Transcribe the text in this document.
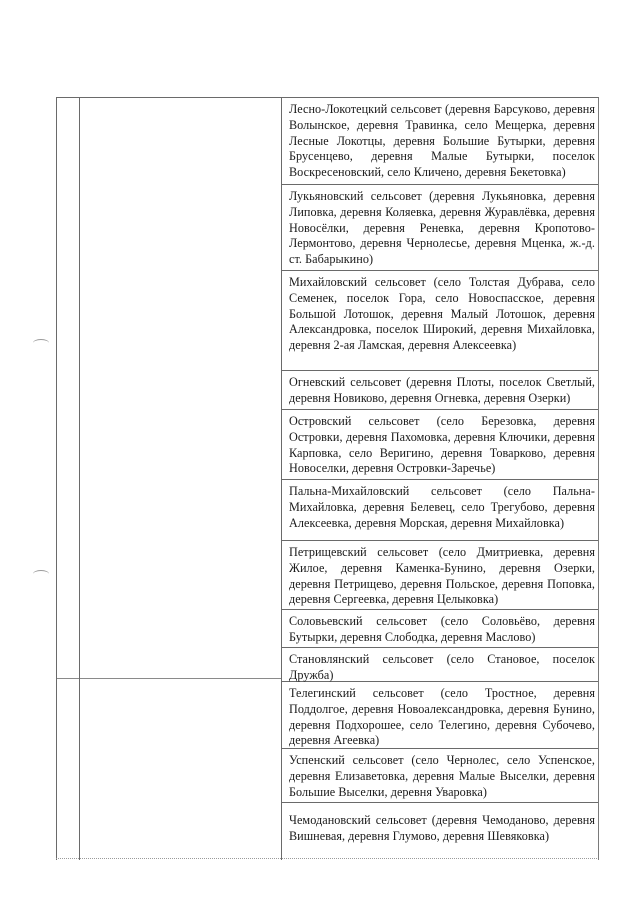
Лесно-Локотецкий сельсовет (деревня Барсуково, деревня Волынское, деревня Травинка, село Мещерка, деревня Лесные Локотцы, деревня Большие Бутырки, деревня Брусенцево, деревня Малые Бутырки, поселок Воскресеновский, село Кличено, деревня Бекетовка)

Лукьяновский сельсовет (деревня Лукьяновка, деревня Липовка, деревня Коляевка, деревня Журавлёвка, деревня Новосёлки, деревня Реневка, деревня Кропотово-Лермонтово, деревня Чернолесье, деревня Мценка, ж.-д. ст. Бабарыкино)

Михайловский сельсовет (село Толстая Дубрава, село Семенек, поселок Гора, село Новоспасское, деревня Большой Лотошок, деревня Малый Лотошок, деревня Александровка, поселок Широкий, деревня Михайловка, деревня 2-ая Ламская, деревня Алексеевка)

Огневский сельсовет (деревня Плоты, поселок Светлый, деревня Новиково, деревня Огневка, деревня Озерки)

Островский сельсовет (село Березовка, деревня Островки, деревня Пахомовка, деревня Ключики, деревня Карповка, село Веригино, деревня Товарково, деревня Новоселки, деревня Островки-Заречье)

Пальна-Михайловский сельсовет (село Пальна-Михайловка, деревня Белевец, село Трегубово, деревня Алексеевка, деревня Морская, деревня Михайловка)

Петрищевский сельсовет (село Дмитриевка, деревня Жилое, деревня Каменка-Бунино, деревня Озерки, деревня Петрищево, деревня Польское, деревня Поповка, деревня Сергеевка, деревня Целыковка)

Соловьевский сельсовет (село Соловьёво, деревня Бутырки, деревня Слободка, деревня Маслово)

Становлянский сельсовет (село Становое, поселок Дружба)

Телегинский сельсовет (село Тростное, деревня Поддолгое, деревня Новоалександровка, деревня Бунино, деревня Подхорошее, село Телегино, деревня Субочево, деревня Агеевка)

Успенский сельсовет (село Чернолес, село Успенское, деревня Елизаветовка, деревня Малые Выселки, деревня Большие Выселки, деревня Уваровка)

Чемодановский сельсовет (деревня Чемоданово, деревня Вишневая, деревня Глумово, деревня Шевяковка)
